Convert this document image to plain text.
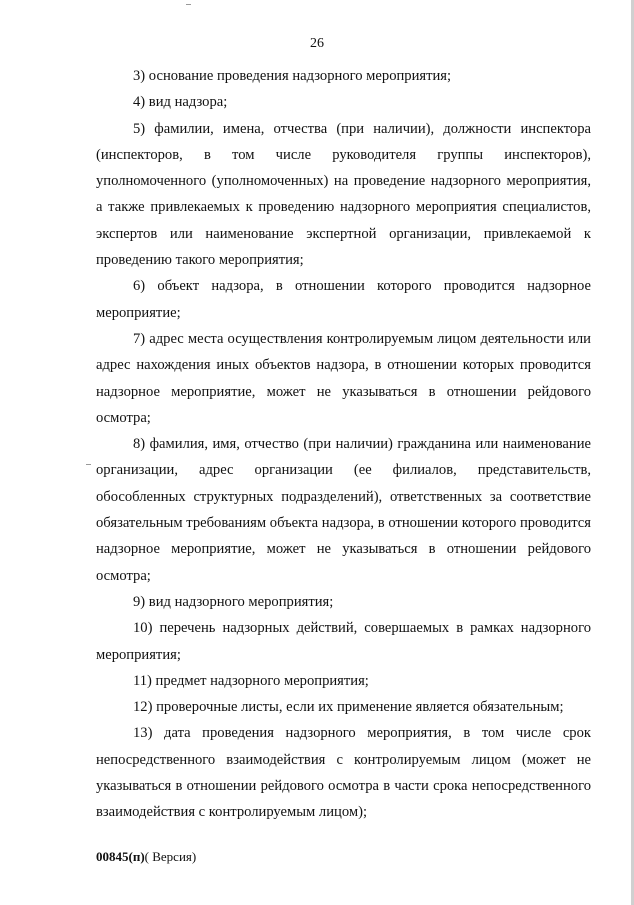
26

3) основание проведения надзорного мероприятия;

4) вид надзора;

5) фамилии, имена, отчества (при наличии), должности инспектора (инспекторов, в том числе руководителя группы инспекторов), уполномоченного (уполномоченных) на проведение надзорного мероприятия, а также привлекаемых к проведению надзорного мероприятия специалистов, экспертов или наименование экспертной организации, привлекаемой к проведению такого мероприятия;

6) объект надзора, в отношении которого проводится надзорное мероприятие;

7) адрес места осуществления контролируемым лицом деятельности или адрес нахождения иных объектов надзора, в отношении которых проводится надзорное мероприятие, может не указываться в отношении рейдового осмотра;

8) фамилия, имя, отчество (при наличии) гражданина или наименование организации, адрес организации (ее филиалов, представительств, обособленных структурных подразделений), ответственных за соответствие обязательным требованиям объекта надзора, в отношении которого проводится надзорное мероприятие, может не указываться в отношении рейдового осмотра;

9) вид надзорного мероприятия;

10) перечень надзорных действий, совершаемых в рамках надзорного мероприятия;

11) предмет надзорного мероприятия;

12) проверочные листы, если их применение является обязательным;

13) дата проведения надзорного мероприятия, в том числе срок непосредственного взаимодействия с контролируемым лицом (может не указываться в отношении рейдового осмотра в части срока непосредственного взаимодействия с контролируемым лицом);

00845(п)( Версия)
